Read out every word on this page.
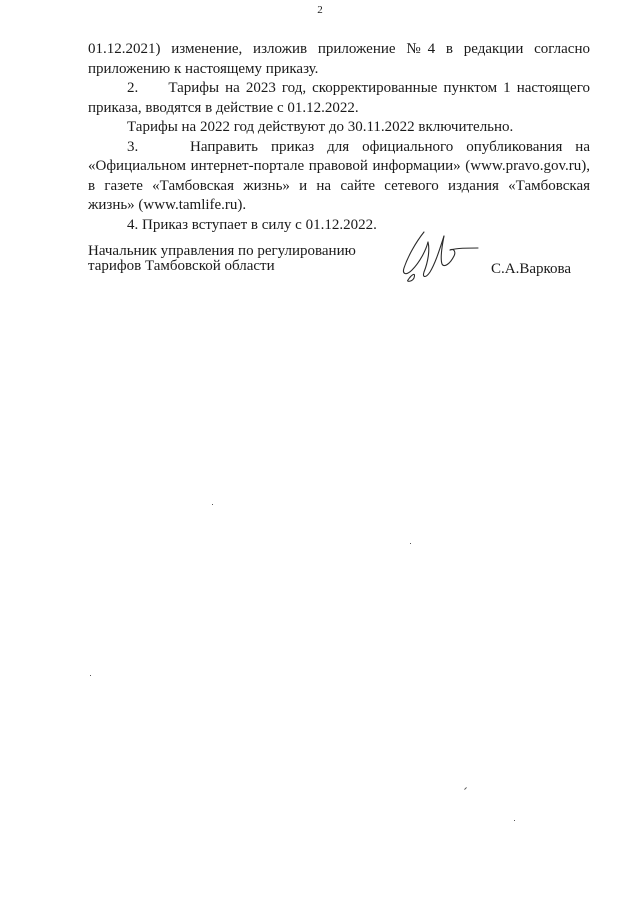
2

01.12.2021) изменение, изложив приложение №4 в редакции согласно приложению к настоящему приказу.

2.     Тарифы на 2023 год, скорректированные пунктом 1 настоящего приказа, вводятся в действие с 01.12.2022.

Тарифы на 2022 год действуют до 30.11.2022 включительно.

3.    Направить приказ для официального опубликования на «Официальном интернет-портале правовой информации» (www.pravo.gov.ru), в газете «Тамбовская жизнь» и на сайте сетевого издания «Тамбовская жизнь» (www.tamlife.ru).

4. Приказ вступает в силу с 01.12.2022.

Начальник управления по регулированию
тарифов Тамбовской области	С.А.Варкова
